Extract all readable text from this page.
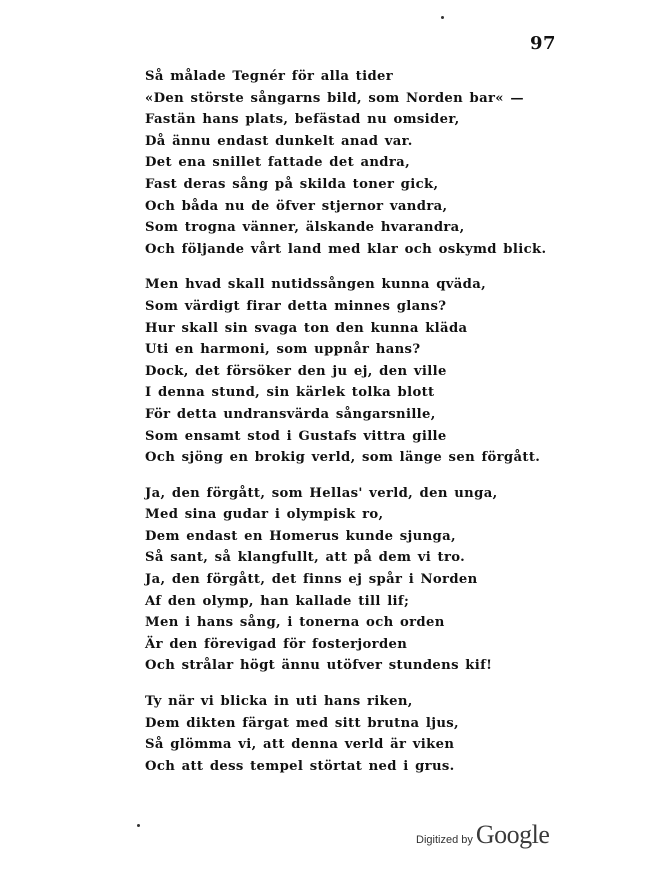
97
Så målade Tegnér för alla tider
«Den störste sångarns bild, som Norden bar« —
Fastän hans plats, befästad nu omsider,
Då ännu endast dunkelt anad var.
Det ena snillet fattade det andra,
Fast deras sång på skilda toner gick,
Och båda nu de öfver stjernor vandra,
Som trogna vänner, älskande hvarandra,
Och följande vårt land med klar och oskymd blick.
Men hvad skall nutidssången kunna qväda,
Som värdigt firar detta minnes glans?
Hur skall sin svaga ton den kunna kläda
Uti en harmoni, som uppnår hans?
Dock, det försöker den ju ej, den ville
I denna stund, sin kärlek tolka blott
För detta undransvärda sångarsnille,
Som ensamt stod i Gustafs vittra gille
Och sjöng en brokig verld, som länge sen förgått.
Ja, den förgått, som Hellas' verld, den unga,
Med sina gudar i olympisk ro,
Dem endast en Homerus kunde sjunga,
Så sant, så klangfullt, att på dem vi tro.
Ja, den förgått, det finns ej spår i Norden
Af den olymp, han kallade till lif;
Men i hans sång, i tonerna och orden
Är den förevigad för fosterjorden
Och strålar högt ännu utöfver stundens kif!
Ty när vi blicka in uti hans riken,
Dem dikten färgat med sitt brutna ljus,
Så glömma vi, att denna verld är viken
Och att dess tempel störtat ned i grus.
Digitized by Google
